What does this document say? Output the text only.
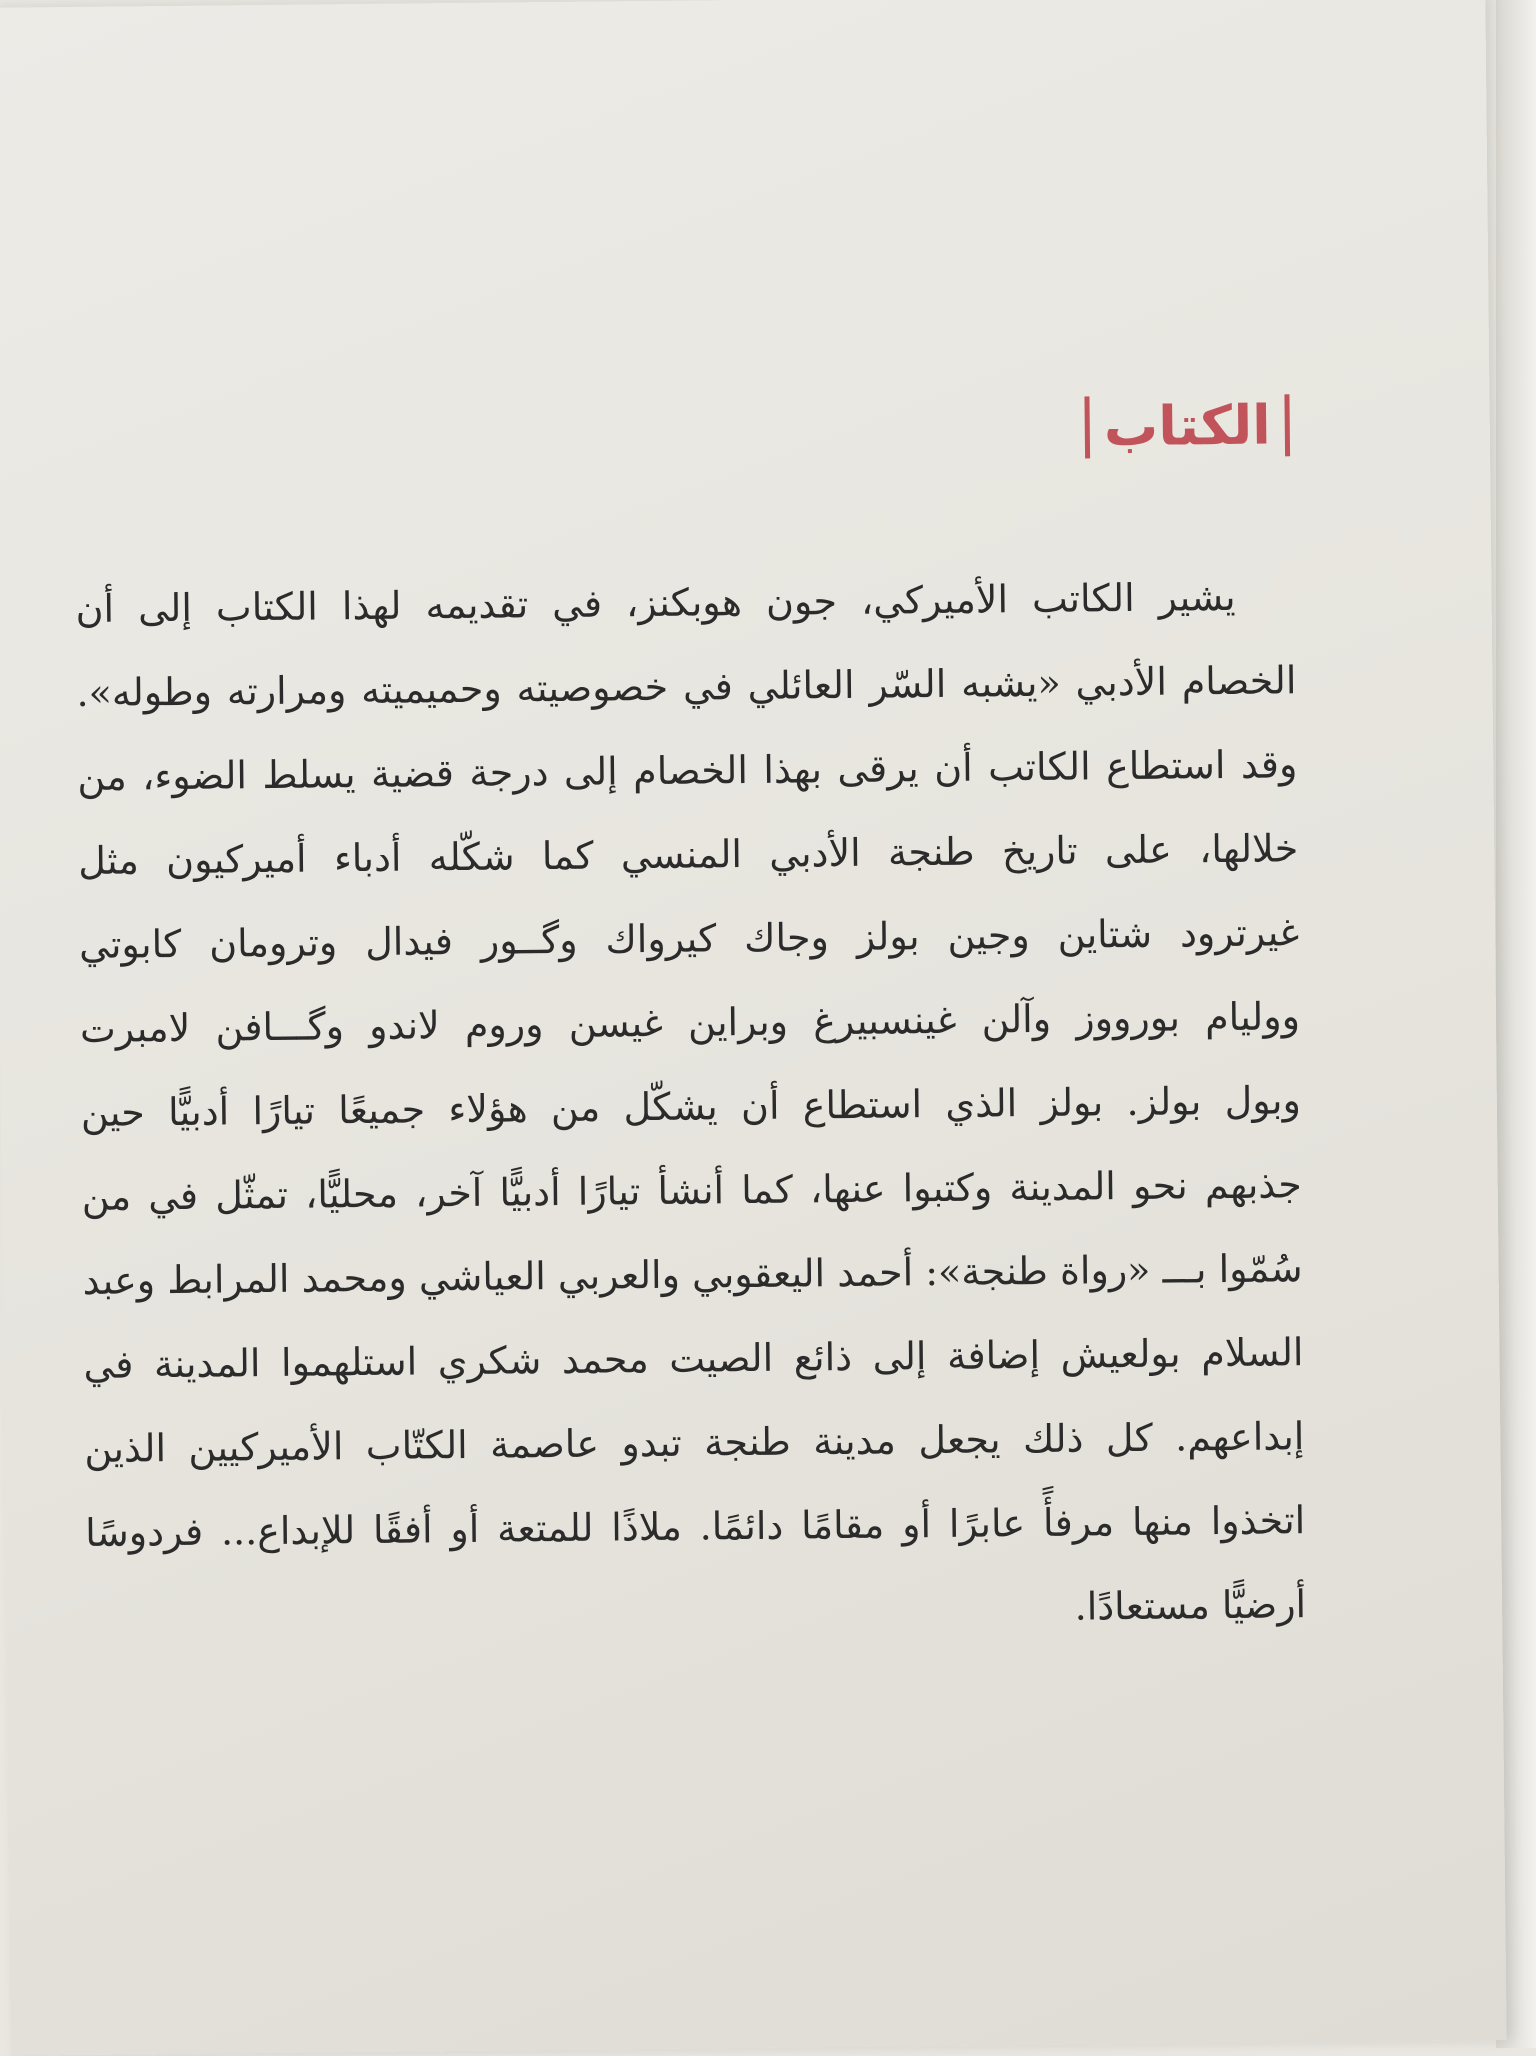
الكتاب
يشير الكاتب الأميركي، جون هوبكنز، في تقديمه لهذا الكتاب إلى أن
الخصام الأدبي «يشبه السّر العائلي في خصوصيته وحميميته ومرارته وطوله».
وقد استطاع الكاتب أن يرقى بهذا الخصام إلى درجة قضية يسلط الضوء، من
خلالها، على تاريخ طنجة الأدبي المنسي كما شكّله أدباء أميركيون مثل
غيرترود شتاين وجين بولز وجاك كيرواك وگــور فيدال وترومان كابوتي
ووليام بورووز وآلن غينسبيرغ وبراين غيسن وروم لاندو وگـــافن لامبرت
وبول بولز. بولز الذي استطاع أن يشكّل من هؤلاء جميعًا تيارًا أدبيًّا حين
جذبهم نحو المدينة وكتبوا عنها، كما أنشأ تيارًا أدبيًّا آخر، محليًّا، تمثّل في من
سُمّوا بـــ «رواة طنجة»: أحمد اليعقوبي والعربي العياشي ومحمد المرابط وعبد
السلام بولعيش إضافة إلى ذائع الصيت محمد شكري استلهموا المدينة في
إبداعهم. كل ذلك يجعل مدينة طنجة تبدو عاصمة الكتّاب الأميركيين الذين
اتخذوا منها مرفأً عابرًا أو مقامًا دائمًا. ملاذًا للمتعة أو أفقًا للإبداع... فردوسًا
أرضيًّا مستعادًا.
